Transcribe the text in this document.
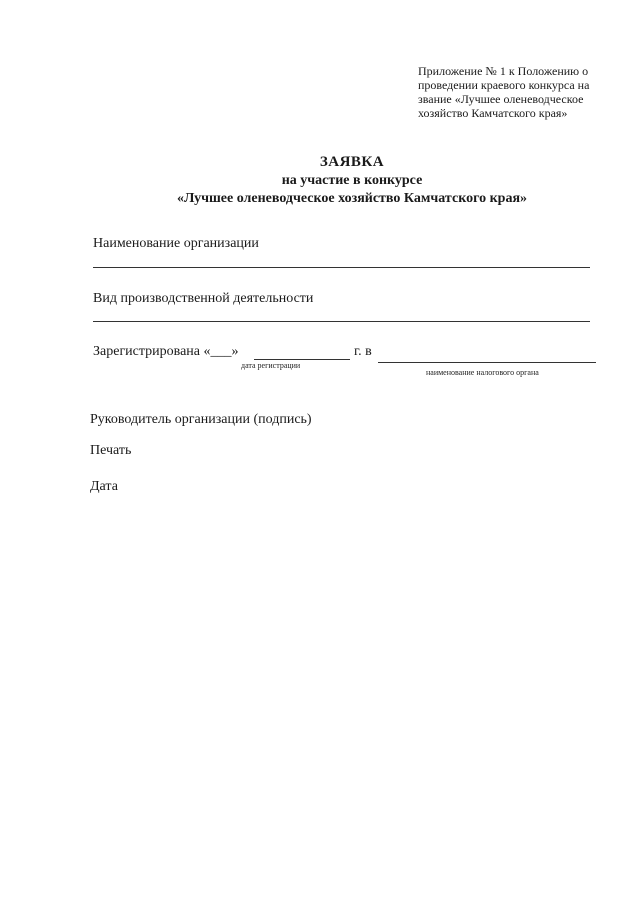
Приложение № 1 к Положению о
проведении краевого конкурса на
звание «Лучшее оленеводческое
хозяйство Камчатского края»
ЗАЯВКА
на участие в конкурсе
«Лучшее оленеводческое хозяйство Камчатского края»
Наименование организации
Вид производственной деятельности
Зарегистрирована «___»	г. в
дата регистрации
наименование налогового органа
Руководитель организации (подпись)
Печать
Дата
